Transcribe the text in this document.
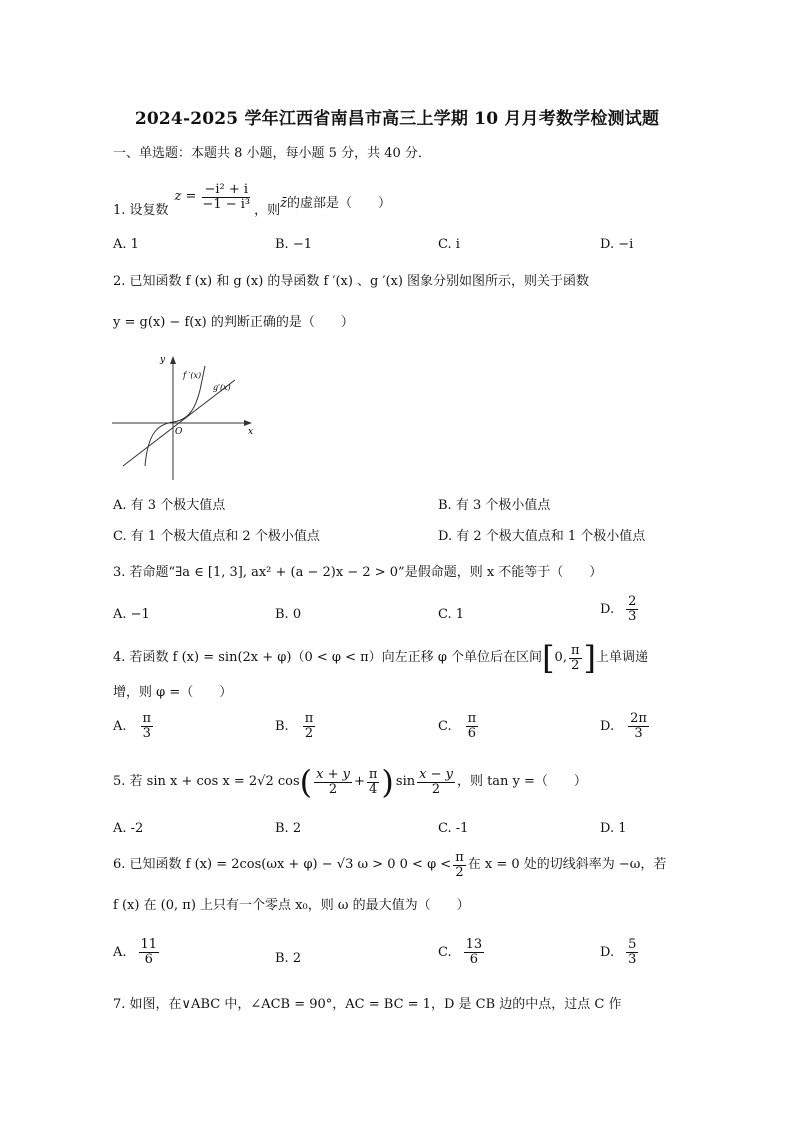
2024-2025 学年江西省南昌市高三上学期 10 月月考数学检测试题
一、单选题：本题共 8 小题，每小题 5 分，共 40 分．
1. 设复数
$z = \frac{\text{−i² + i}}{\text{−1 − i³}}$ ，则 z̄ 的虚部是（　　）
A. 1	B. −1	C. i	D. −i
2. 已知函数 f (x) 和 g (x) 的导函数 f ′(x) 、g ′(x) 图象分别如图所示，则关于函数
y = g(x) − f(x) 的判断正确的是（　　）
y
x
O
f ′(x)
g′(x)
A. 有 3 个极大值点	B. 有 3 个极小值点
C. 有 1 个极大值点和 2 个极小值点	D. 有 2 个极大值点和 1 个极小值点
3. 若命题“∃a ∈ [1, 3], ax² + (a − 2)x − 2 > 0”是假命题，则 x 不能等于（　　）
A. −1	B. 0	C. 1	D. $\frac{2}{3}$
4. 若函数 f (x) = sin(2x + φ)（0 < φ < π）向左正移 φ 个单位后在区间 [ 0, $\frac{\pi}{2}$ ] 上单调递
增，则 φ =（　　）
A. $\frac{\pi}{3}$	B. $\frac{\pi}{2}$	C. $\frac{\pi}{6}$	D. $\frac{2\pi}{3}$
5. 若 sin x + cos x = 2√2 cos ( $\frac{x + y}{2} + \frac{\pi}{4}$ ) $\sin \frac{x - y}{2}$ ，则 tan y =（　　）
A. -2	B. 2	C. -1	D. 1
6. 已知函数 f (x) = 2cos(ωx + φ) − √3 ω > 0 $0 < \varphi < \frac{\pi}{2}$ 在 x = 0 处的切线斜率为 −ω，若
f (x) 在 (0, π) 上只有一个零点 x₀，则 ω 的最大值为（　　）
A. $\frac{11}{6}$	B. 2	C. $\frac{13}{6}$	D. $\frac{5}{3}$
7. 如图，在∨ABC 中，∠ACB = 90°，AC = BC = 1，D 是 CB 边的中点，过点 C 作
